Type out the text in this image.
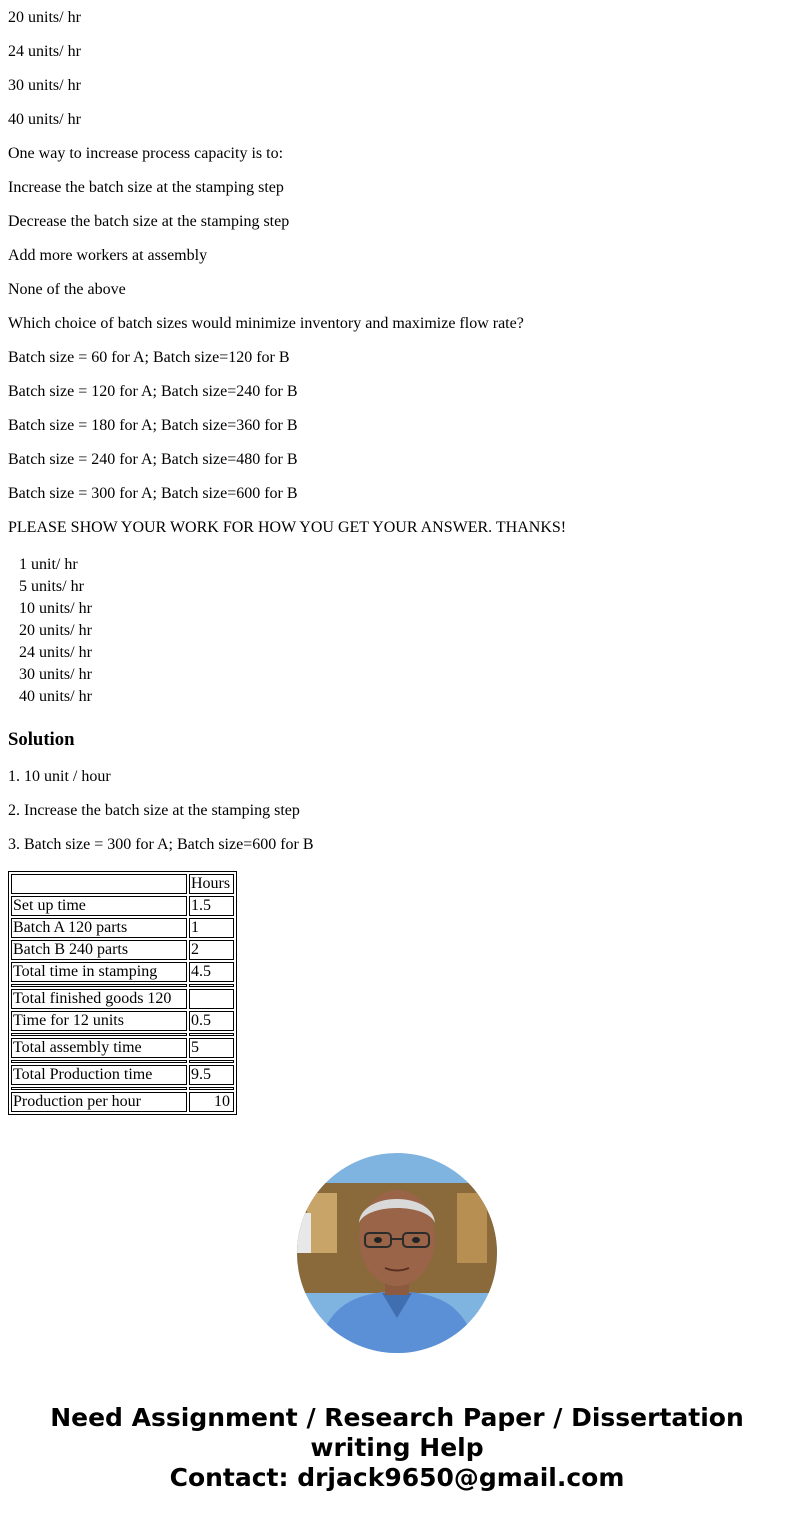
20 units/ hr

24 units/ hr

30 units/ hr

40 units/ hr

One way to increase process capacity is to:

Increase the batch size at the stamping step

Decrease the batch size at the stamping step

Add more workers at assembly

None of the above

Which choice of batch sizes would minimize inventory and maximize flow rate?

Batch size = 60 for A; Batch size=120 for B

Batch size = 120 for A; Batch size=240 for B

Batch size = 180 for A; Batch size=360 for B

Batch size = 240 for A; Batch size=480 for B

Batch size = 300 for A; Batch size=600 for B

PLEASE SHOW YOUR WORK FOR HOW YOU GET YOUR ANSWER. THANKS!

1 unit/ hr
5 units/ hr
10 units/ hr
20 units/ hr
24 units/ hr
30 units/ hr
40 units/ hr
Solution

1. 10 unit / hour

2. Increase the batch size at the stamping step

3. Batch size = 300 for A; Batch size=600 for B

	Hours
Set up time	1.5
Batch A 120 parts	1
Batch B 240 parts	2
Total time in stamping	4.5

Total finished goods 120	
Time for 12 units	0.5

Total assembly time	5

Total Production time	9.5

Production per hour	10
Need Assignment / Research Paper / Dissertation
writing Help
Contact: drjack9650@gmail.com
